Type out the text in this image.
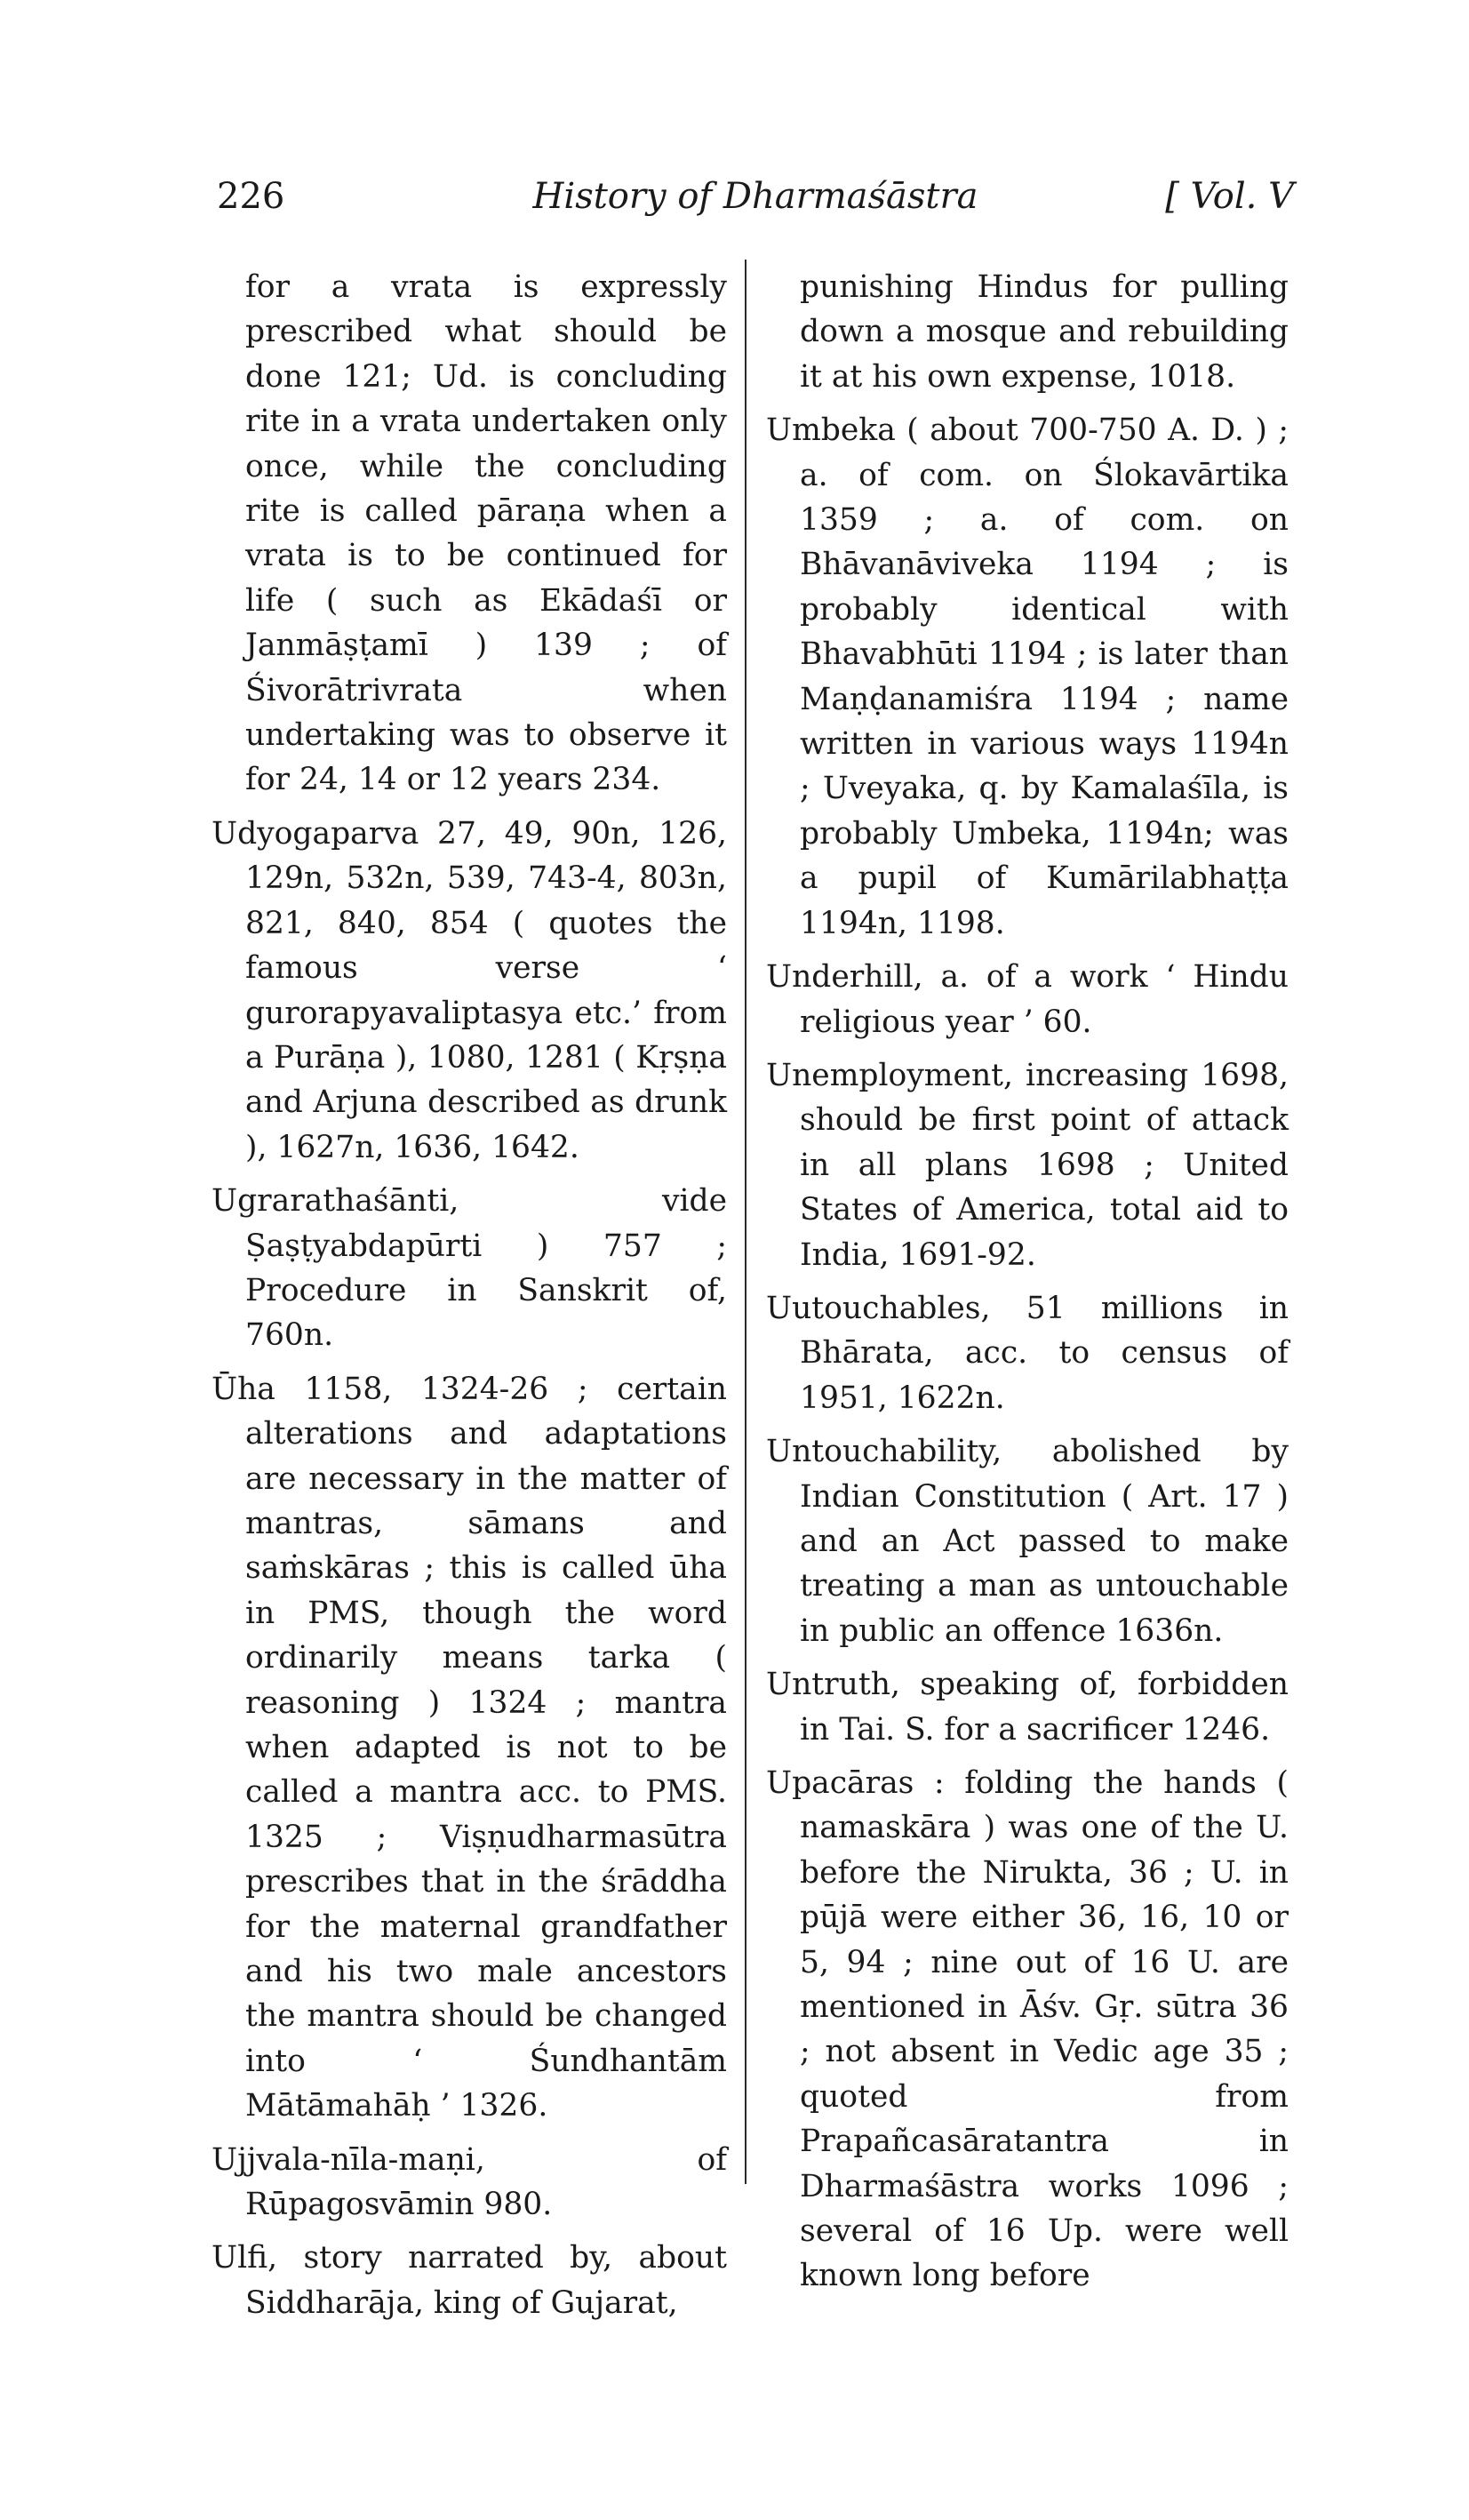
226	History of Dharmaśāstra	[ Vol. V
for a vrata is expressly prescribed what should be done 121; Ud. is concluding rite in a vrata undertaken only once, while the concluding rite is called pāraṇa when a vrata is to be continued for life ( such as Ekādaśī or Janmāṣṭamī ) 139 ; of Śivorātrivrata when undertaking was to observe it for 24, 14 or 12 years 234.
Udyogaparva 27, 49, 90n, 126, 129n, 532n, 539, 743-4, 803n, 821, 840, 854 ( quotes the famous verse ‘ gurorapyavaliptasya etc.’ from a Purāṇa ), 1080, 1281 ( Kṛṣṇa and Arjuna described as drunk ), 1627n, 1636, 1642.
Ugrarathaśānti, vide Ṣaṣṭyabdapūrti ) 757 ; Procedure in Sanskrit of, 760n.
Ūha 1158, 1324-26 ; certain alterations and adaptations are necessary in the matter of mantras, sāmans and saṁskāras ; this is called ūha in PMS, though the word ordinarily means tarka ( reasoning ) 1324 ; mantra when adapted is not to be called a mantra acc. to PMS. 1325 ; Viṣṇudharmasūtra prescribes that in the śrāddha for the maternal grandfather and his two male ancestors the mantra should be changed into ‘ Śundhantām Mātāmahāḥ ’ 1326.
Ujjvala-nīla-maṇi, of Rūpagosvāmin 980.
Ulfi, story narrated by, about Siddharāja, king of Gujarat,
punishing Hindus for pulling down a mosque and rebuilding it at his own expense, 1018.
Umbeka ( about 700-750 A. D. ) ; a. of com. on Ślokavārtika 1359 ; a. of com. on Bhāvanāviveka 1194 ; is probably identical with Bhavabhūti 1194 ; is later than Maṇḍanamiśra 1194 ; name written in various ways 1194n ; Uveyaka, q. by Kamalaśīla, is probably Umbeka, 1194n; was a pupil of Kumārilabhaṭṭa 1194n, 1198.
Underhill, a. of a work ‘ Hindu religious year ’ 60.
Unemployment, increasing 1698, should be first point of attack in all plans 1698 ; United States of America, total aid to India, 1691-92.
Uutouchables, 51 millions in Bhārata, acc. to census of 1951, 1622n.
Untouchability, abolished by Indian Constitution ( Art. 17 ) and an Act passed to make treating a man as untouchable in public an offence 1636n.
Untruth, speaking of, forbidden in Tai. S. for a sacrificer 1246.
Upacāras : folding the hands ( namaskāra ) was one of the U. before the Nirukta, 36 ; U. in pūjā were either 36, 16, 10 or 5, 94 ; nine out of 16 U. are mentioned in Āśv. Gṛ. sūtra 36 ; not absent in Vedic age 35 ; quoted from Prapañcasāratantra in Dharmaśāstra works 1096 ; several of 16 Up. were well known long before
